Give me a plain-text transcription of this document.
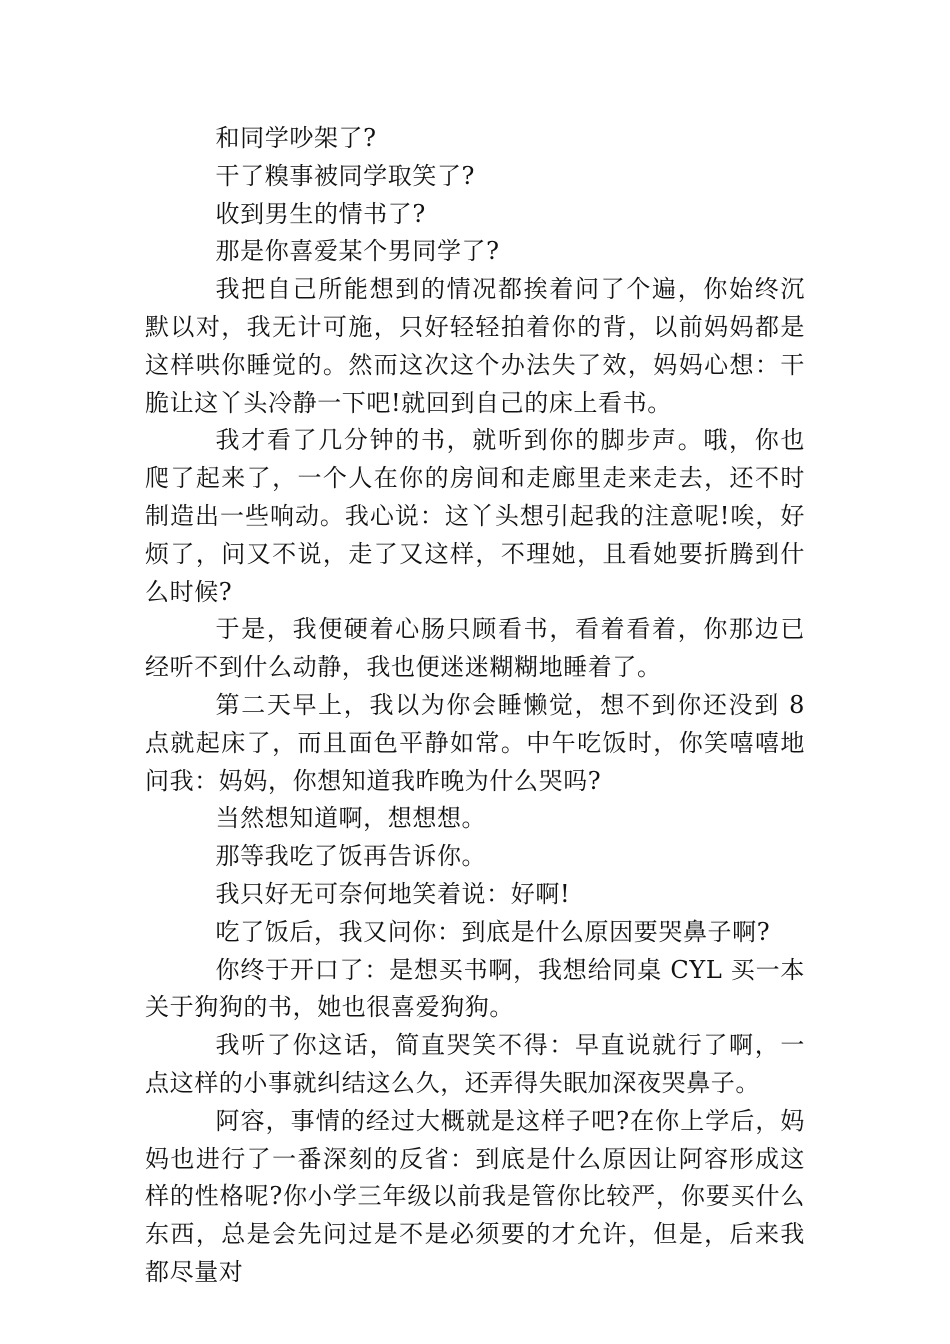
和同学吵架了?

干了糗事被同学取笑了?

收到男生的情书了?

那是你喜爱某个男同学了?

我把自己所能想到的情况都挨着问了个遍，你始终沉默以对，我无计可施，只好轻轻拍着你的背，以前妈妈都是这样哄你睡觉的。然而这次这个办法失了效，妈妈心想：干脆让这丫头冷静一下吧!就回到自己的床上看书。

我才看了几分钟的书，就听到你的脚步声。哦，你也爬了起来了，一个人在你的房间和走廊里走来走去，还不时制造出一些响动。我心说：这丫头想引起我的注意呢!唉，好烦了，问又不说，走了又这样，不理她，且看她要折腾到什么时候?

于是，我便硬着心肠只顾看书，看着看着，你那边已经听不到什么动静，我也便迷迷糊糊地睡着了。

第二天早上，我以为你会睡懒觉，想不到你还没到 8 点就起床了，而且面色平静如常。中午吃饭时，你笑嘻嘻地问我：妈妈，你想知道我昨晚为什么哭吗?

当然想知道啊，想想想。

那等我吃了饭再告诉你。

我只好无可奈何地笑着说：好啊!

吃了饭后，我又问你：到底是什么原因要哭鼻子啊?

你终于开口了：是想买书啊，我想给同桌 CYL 买一本关于狗狗的书，她也很喜爱狗狗。

我听了你这话，简直哭笑不得：早直说就行了啊，一点这样的小事就纠结这么久，还弄得失眠加深夜哭鼻子。

阿容，事情的经过大概就是这样子吧?在你上学后，妈妈也进行了一番深刻的反省：到底是什么原因让阿容形成这样的性格呢?你小学三年级以前我是管你比较严，你要买什么东西，总是会先问过是不是必须要的才允许，但是，后来我都尽量对
